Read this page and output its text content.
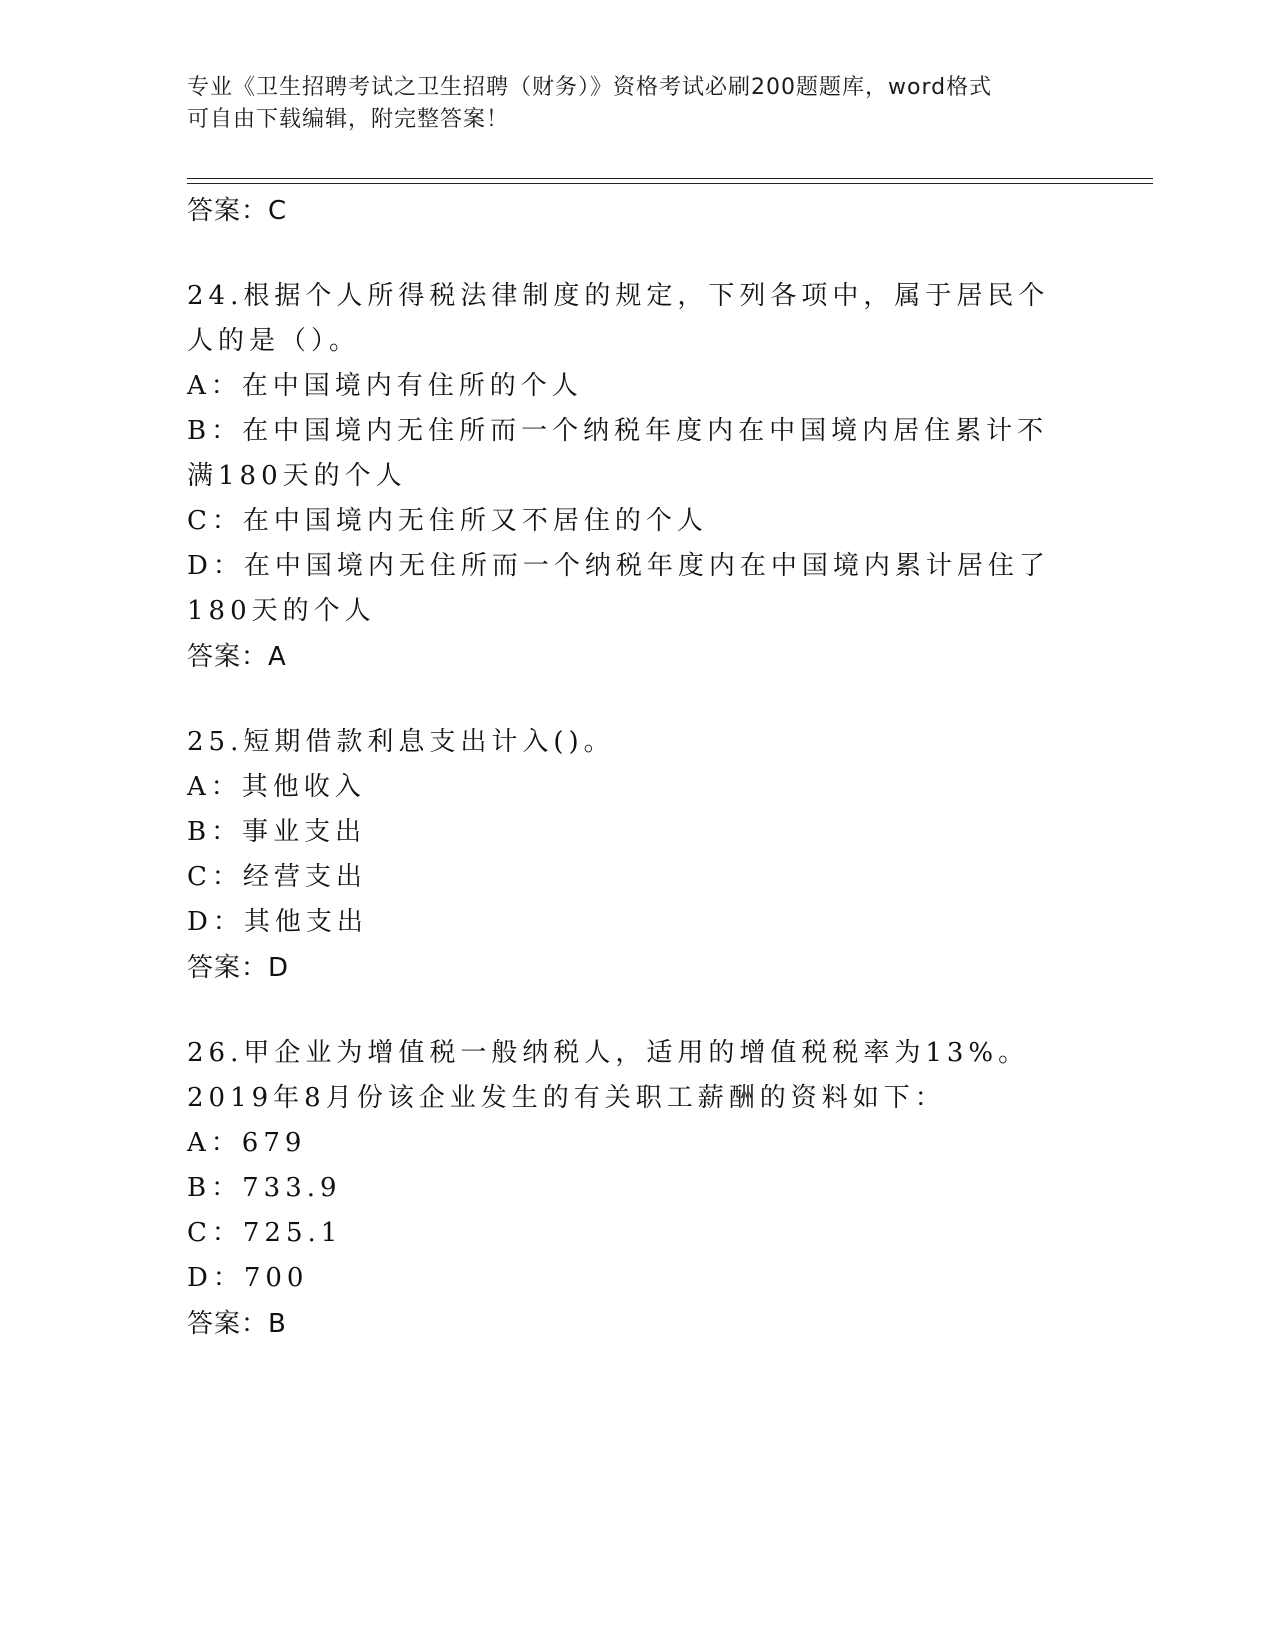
专业《卫生招聘考试之卫生招聘（财务）》资格考试必刷200题题库，word格式
可自由下载编辑，附完整答案！
答案：C
24.根据个人所得税法律制度的规定，下列各项中，属于居民个人的是（）。
A：在中国境内有住所的个人
B：在中国境内无住所而一个纳税年度内在中国境内居住累计不满180天的个人
C：在中国境内无住所又不居住的个人
D：在中国境内无住所而一个纳税年度内在中国境内累计居住了180天的个人
答案：A
25.短期借款利息支出计入()。
A：其他收入
B：事业支出
C：经营支出
D：其他支出
答案：D
26.甲企业为增值税一般纳税人，适用的增值税税率为13%。2019年8月份该企业发生的有关职工薪酬的资料如下：
A：679
B：733.9
C：725.1
D：700
答案：B
